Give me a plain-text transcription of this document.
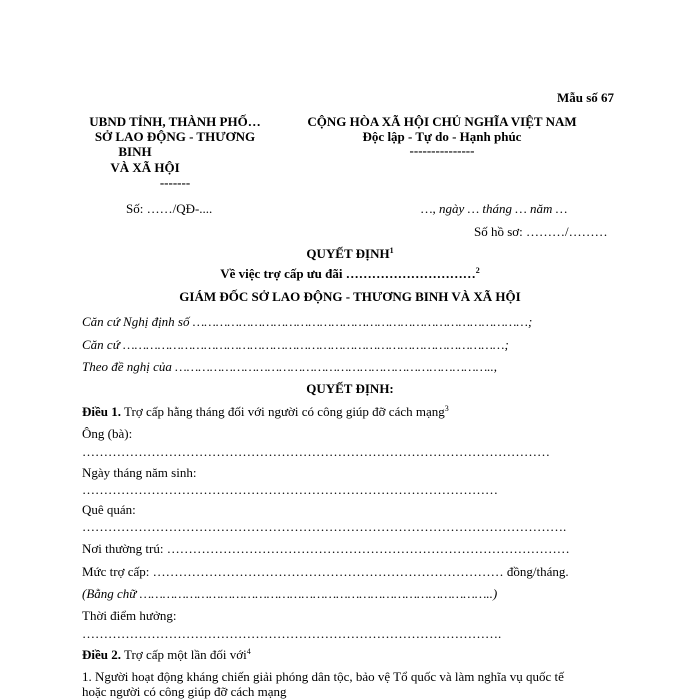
Mẫu số 67
UBND TỈNH, THÀNH PHỐ…
SỞ LAO ĐỘNG - THƯƠNG
BINH
VÀ XÃ HỘI
-------
Số: ……/QĐ-....
CỘNG HÒA XÃ HỘI CHỦ NGHĨA VIỆT NAM
Độc lập - Tự do - Hạnh phúc
---------------
…, ngày … tháng … năm …
Số hồ sơ: ………/………
QUYẾT ĐỊNH$^1$
Về việc trợ cấp ưu đãi …………………………$^2$
GIÁM ĐỐC SỞ LAO ĐỘNG - THƯƠNG BINH VÀ XÃ HỘI
Căn cứ Nghị định số ……………………………………………………………………………;
Căn cứ ………………………………………………………………………………………;
Theo đề nghị của ………………………………………………………………………..,
QUYẾT ĐỊNH:
Điều 1. Trợ cấp hằng tháng đối với người có công giúp đỡ cách mạng$^3$
Ông (bà):
………………………………………………………………………………………………
Ngày tháng năm sinh:
……………………………………………………………………………………
Quê quán:
………………………………………………………………………………………………….
Nơi thường trú: …………………………………………………………………………………
Mức trợ cấp: ……………………………………………………………………… đồng/tháng.
(Bằng chữ ………………………………………………………………………………..)
Thời điểm hưởng:
…………………………………………………………………………………….
Điều 2. Trợ cấp một lần đối với$^4$
1. Người hoạt động kháng chiến giải phóng dân tộc, bảo vệ Tổ quốc và làm nghĩa vụ quốc tế
hoặc người có công giúp đỡ cách mạng
